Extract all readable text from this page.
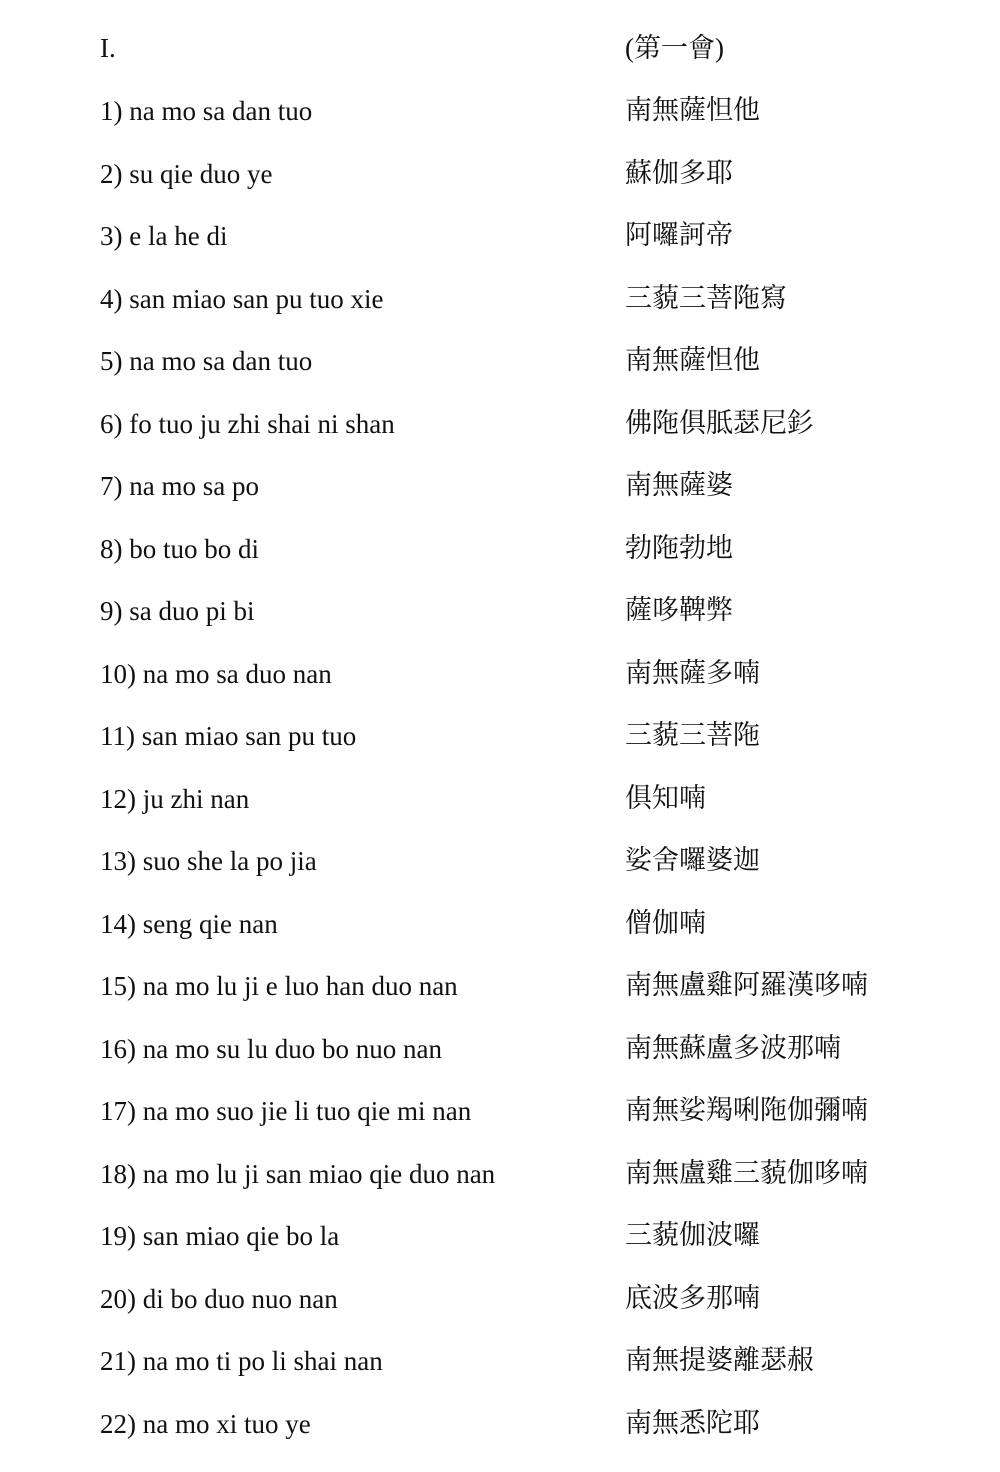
I.	(第一會)
1) na mo sa dan tuo	南無薩怛他
2) su qie duo ye	蘇伽多耶
3) e la he di	阿囉訶帝
4) san miao san pu tuo xie	三藐三菩陁寫
5) na mo sa dan tuo	南無薩怛他
6) fo tuo ju zhi shai ni shan	佛陁俱胝瑟尼釤
7) na mo sa po	南無薩婆
8) bo tuo bo di	勃陁勃地
9) sa duo pi bi	薩哆鞞弊
10) na mo sa duo nan	南無薩多喃
11) san miao san pu tuo	三藐三菩陁
12) ju zhi nan	俱知喃
13) suo she la po jia	娑舍囉婆迦
14) seng qie nan	僧伽喃
15) na mo lu ji e luo han duo nan	南無盧雞阿羅漢哆喃
16) na mo su lu duo bo nuo nan	南無蘇盧多波那喃
17) na mo suo jie li tuo qie mi nan	南無娑羯唎陁伽彌喃
18) na mo lu ji san miao qie duo nan	南無盧雞三藐伽哆喃
19) san miao qie bo la	三藐伽波囉
20) di bo duo nuo nan	底波多那喃
21) na mo ti po li shai nan	南無提婆離瑟赧
22) na mo xi tuo ye	南無悉陀耶
